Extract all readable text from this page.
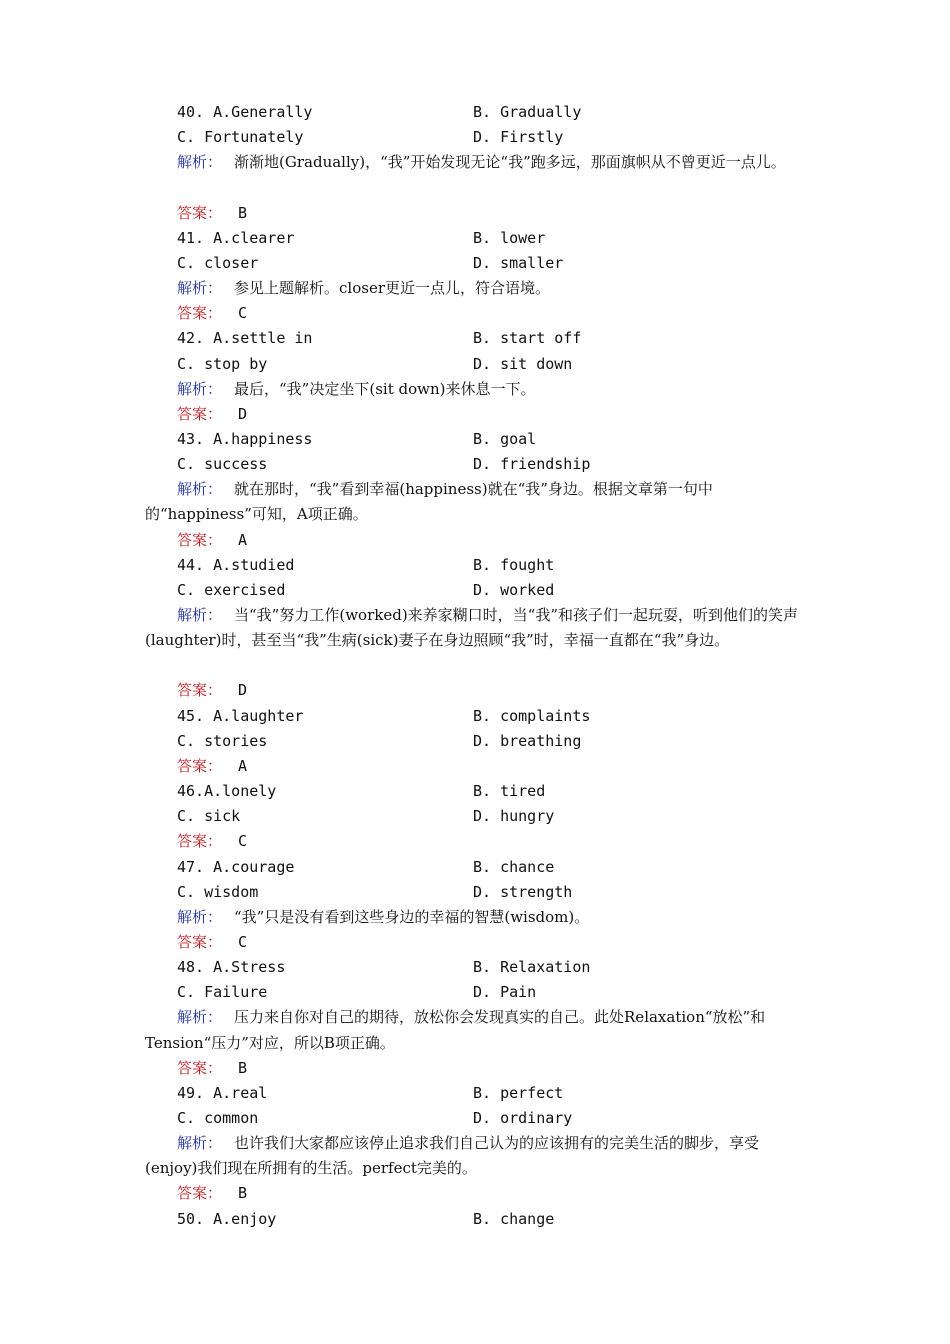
40. A.Generally	B. Gradually
C. Fortunately	D. Firstly
解析： 渐渐地(Gradually)，“我”开始发现无论“我”跑多远，那面旗帜从不曾更近一点儿。
答案： B
41. A.clearer	B. lower
C. closer	D. smaller
解析： 参见上题解析。closer更近一点儿，符合语境。
答案： C
42. A.settle in	B. start off
C. stop by	D. sit down
解析： 最后，“我”决定坐下(sit down)来休息一下。
答案： D
43. A.happiness	B. goal
C. success	D. friendship
解析： 就在那时，“我”看到幸福(happiness)就在“我”身边。根据文章第一句中的“happiness”可知，A项正确。
答案： A
44. A.studied	B. fought
C. exercised	D. worked
解析： 当“我”努力工作(worked)来养家糊口时，当“我”和孩子们一起玩耍，听到他们的笑声(laughter)时，甚至当“我”生病(sick)妻子在身边照顾“我”时，幸福一直都在“我”身边。
答案： D
45. A.laughter	B. complaints
C. stories	D. breathing
答案： A
46.A.lonely	B. tired
C. sick	D. hungry
答案： C
47. A.courage	B. chance
C. wisdom	D. strength
解析： “我”只是没有看到这些身边的幸福的智慧(wisdom)。
答案： C
48. A.Stress	B. Relaxation
C. Failure	D. Pain
解析： 压力来自你对自己的期待，放松你会发现真实的自己。此处Relaxation“放松”和Tension“压力”对应，所以B项正确。
答案： B
49. A.real	B. perfect
C. common	D. ordinary
解析： 也许我们大家都应该停止追求我们自己认为的应该拥有的完美生活的脚步，享受(enjoy)我们现在所拥有的生活。perfect完美的。
答案： B
50. A.enjoy	B. change
